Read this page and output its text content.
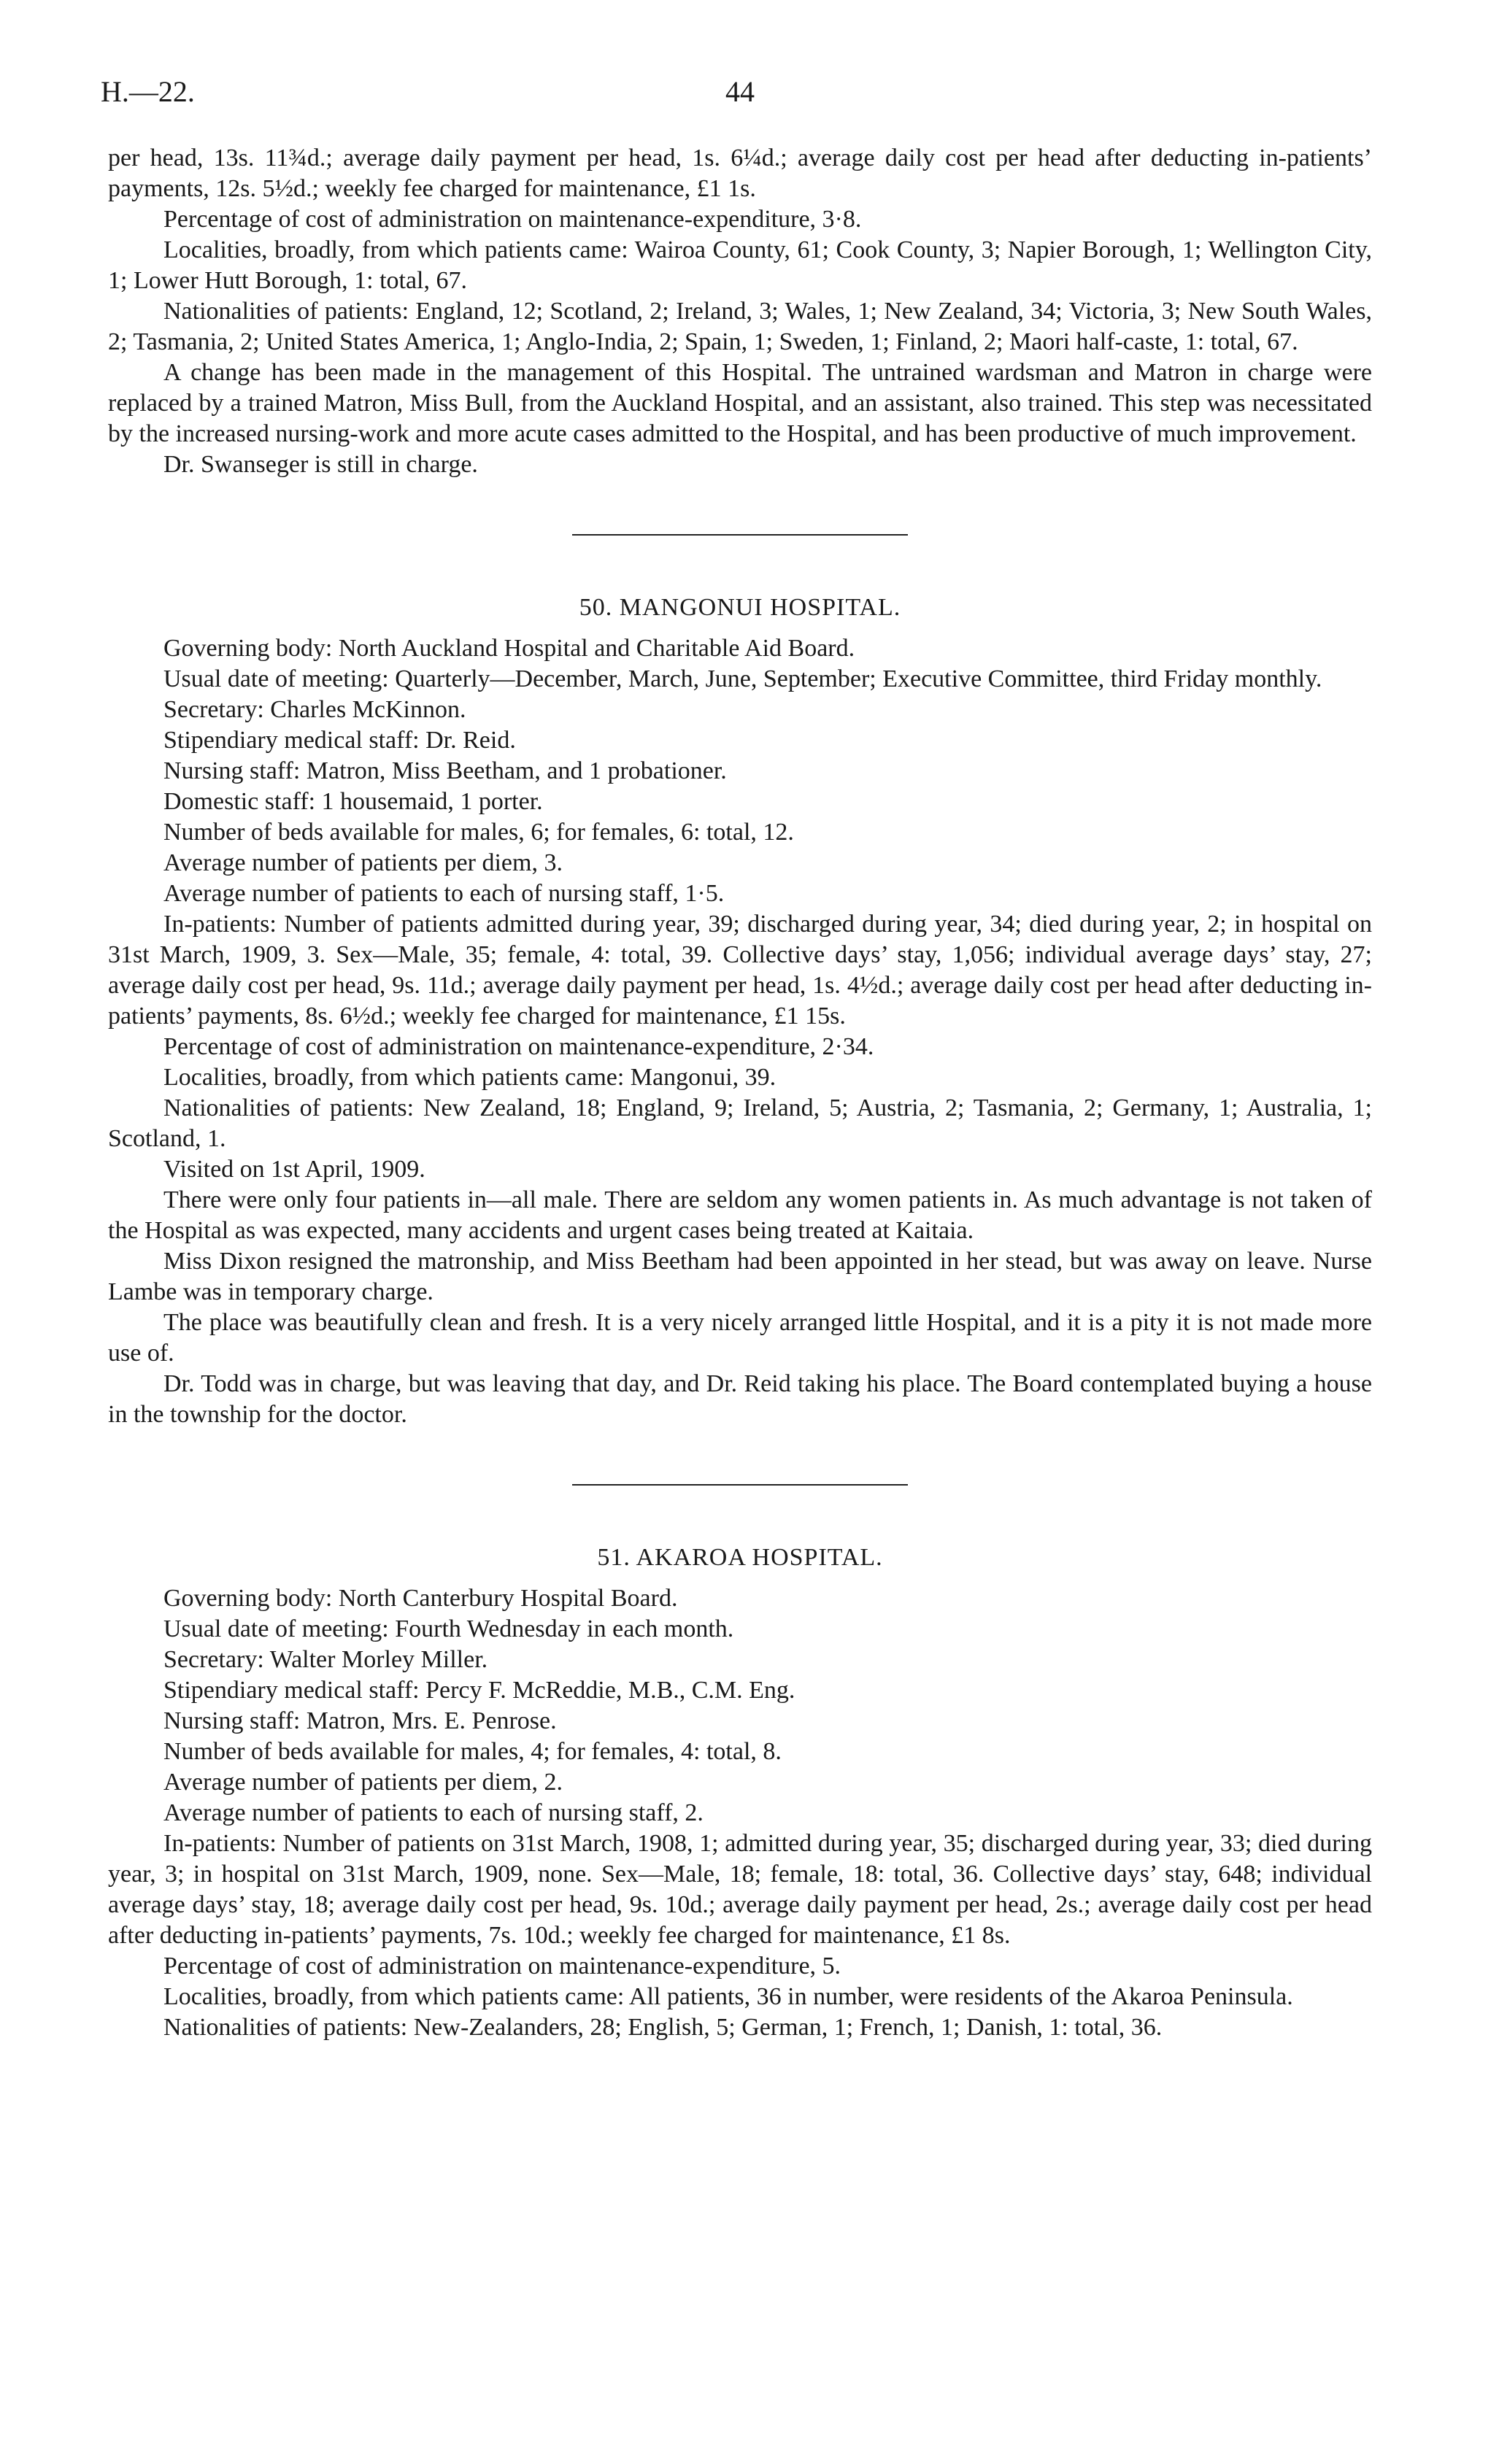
H.—22.	44

per head, 13s. 11¾d.; average daily payment per head, 1s. 6¼d.; average daily cost per head after deducting in-patients’ payments, 12s. 5½d.; weekly fee charged for maintenance, £1 1s.

Percentage of cost of administration on maintenance-expenditure, 3·8.

Localities, broadly, from which patients came: Wairoa County, 61; Cook County, 3; Napier Borough, 1; Wellington City, 1; Lower Hutt Borough, 1: total, 67.

Nationalities of patients: England, 12; Scotland, 2; Ireland, 3; Wales, 1; New Zealand, 34; Victoria, 3; New South Wales, 2; Tasmania, 2; United States America, 1; Anglo-India, 2; Spain, 1; Sweden, 1; Finland, 2; Maori half-caste, 1: total, 67.

A change has been made in the management of this Hospital. The untrained wardsman and Matron in charge were replaced by a trained Matron, Miss Bull, from the Auckland Hospital, and an assistant, also trained. This step was necessitated by the increased nursing-work and more acute cases admitted to the Hospital, and has been productive of much improvement.

Dr. Swanseger is still in charge.

50. MANGONUI HOSPITAL.

Governing body: North Auckland Hospital and Charitable Aid Board.

Usual date of meeting: Quarterly—December, March, June, September; Executive Committee, third Friday monthly.

Secretary: Charles McKinnon.

Stipendiary medical staff: Dr. Reid.

Nursing staff: Matron, Miss Beetham, and 1 probationer.

Domestic staff: 1 housemaid, 1 porter.

Number of beds available for males, 6; for females, 6: total, 12.

Average number of patients per diem, 3.

Average number of patients to each of nursing staff, 1·5.

In-patients: Number of patients admitted during year, 39; discharged during year, 34; died during year, 2; in hospital on 31st March, 1909, 3. Sex—Male, 35; female, 4: total, 39. Collective days’ stay, 1,056; individual average days’ stay, 27; average daily cost per head, 9s. 11d.; average daily payment per head, 1s. 4½d.; average daily cost per head after deducting in-patients’ payments, 8s. 6½d.; weekly fee charged for maintenance, £1 15s.

Percentage of cost of administration on maintenance-expenditure, 2·34.

Localities, broadly, from which patients came: Mangonui, 39.

Nationalities of patients: New Zealand, 18; England, 9; Ireland, 5; Austria, 2; Tasmania, 2; Germany, 1; Australia, 1; Scotland, 1.

Visited on 1st April, 1909.

There were only four patients in—all male. There are seldom any women patients in. As much advantage is not taken of the Hospital as was expected, many accidents and urgent cases being treated at Kaitaia.

Miss Dixon resigned the matronship, and Miss Beetham had been appointed in her stead, but was away on leave. Nurse Lambe was in temporary charge.

The place was beautifully clean and fresh. It is a very nicely arranged little Hospital, and it is a pity it is not made more use of.

Dr. Todd was in charge, but was leaving that day, and Dr. Reid taking his place. The Board contemplated buying a house in the township for the doctor.

51. AKAROA HOSPITAL.

Governing body: North Canterbury Hospital Board.

Usual date of meeting: Fourth Wednesday in each month.

Secretary: Walter Morley Miller.

Stipendiary medical staff: Percy F. McReddie, M.B., C.M. Eng.

Nursing staff: Matron, Mrs. E. Penrose.

Number of beds available for males, 4; for females, 4: total, 8.

Average number of patients per diem, 2.

Average number of patients to each of nursing staff, 2.

In-patients: Number of patients on 31st March, 1908, 1; admitted during year, 35; discharged during year, 33; died during year, 3; in hospital on 31st March, 1909, none. Sex—Male, 18; female, 18: total, 36. Collective days’ stay, 648; individual average days’ stay, 18; average daily cost per head, 9s. 10d.; average daily payment per head, 2s.; average daily cost per head after deducting in-patients’ payments, 7s. 10d.; weekly fee charged for maintenance, £1 8s.

Percentage of cost of administration on maintenance-expenditure, 5.

Localities, broadly, from which patients came: All patients, 36 in number, were residents of the Akaroa Peninsula.

Nationalities of patients: New-Zealanders, 28; English, 5; German, 1; French, 1; Danish, 1: total, 36.
